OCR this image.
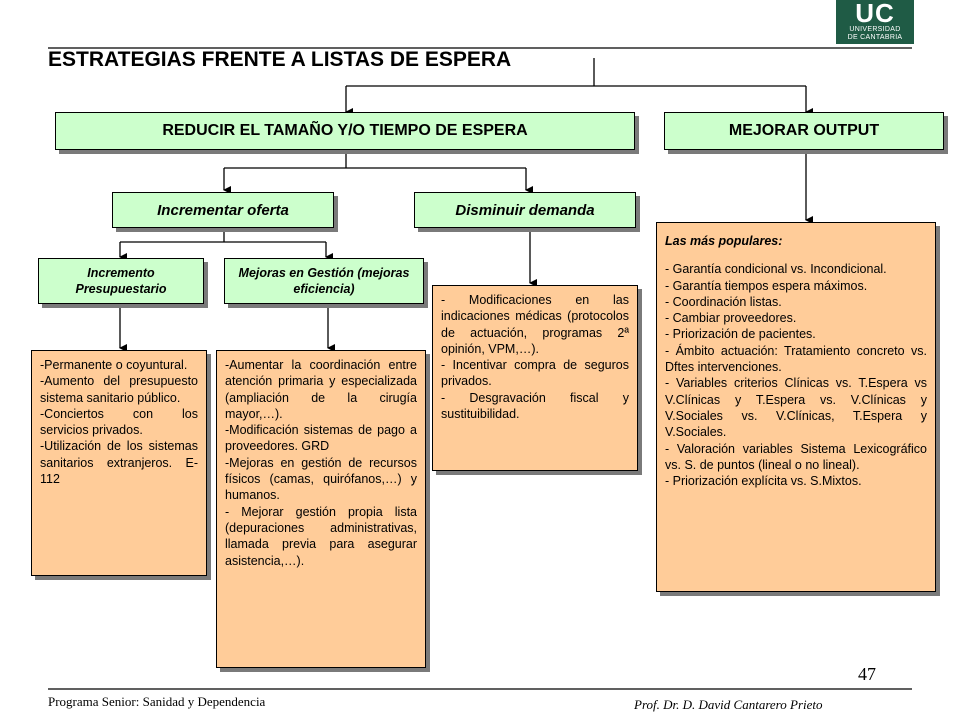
UC
UNIVERSIDAD
DE CANTABRIA
ESTRATEGIAS FRENTE A LISTAS DE ESPERA
REDUCIR EL TAMAÑO Y/O TIEMPO DE ESPERA	MEJORAR OUTPUT
Incrementar oferta	Disminuir demanda
Incremento Presupuestario
Mejoras en Gestión (mejoras eficiencia)

-Permanente o coyuntural.

-Aumento del presupuesto sistema sanitario público.

-Conciertos con los servicios privados.

-Utilización de los sistemas sanitarios extranjeros. E-112

-Aumentar la coordinación entre atención primaria y especializada (ampliación de la cirugía mayor,…).

-Modificación sistemas de pago a proveedores. GRD

-Mejoras en gestión de recursos físicos (camas, quirófanos,…) y humanos.

- Mejorar gestión propia lista (depuraciones administrativas, llamada previa para asegurar asistencia,…).

- Modificaciones en las indicaciones médicas (protocolos de actuación, programas 2ª opinión, VPM,…).

- Incentivar compra de seguros privados.

- Desgravación fiscal y sustituibilidad.

Las más populares:

- Garantía condicional vs. Incondicional.

- Garantía tiempos espera máximos.

- Coordinación listas.

- Cambiar proveedores.

- Priorización de pacientes.

- Ámbito actuación: Tratamiento concreto vs. Dftes intervenciones.

- Variables criterios Clínicas vs. T.Espera vs V.Clínicas y T.Espera vs. V.Clínicas y V.Sociales vs. V.Clínicas, T.Espera y V.Sociales.

- Valoración variables Sistema Lexicográfico vs. S. de puntos (lineal o no lineal).

- Priorización explícita vs. S.Mixtos.

47
Programa Senior: Sanidad y Dependencia	Prof. Dr. D. David Cantarero Prieto
